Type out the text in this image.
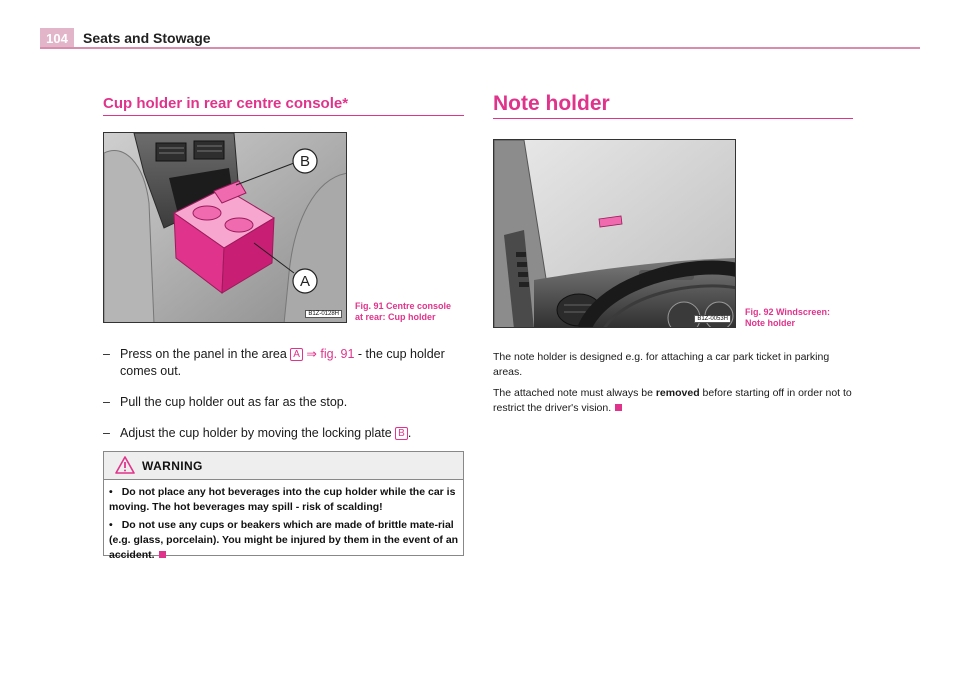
104	Seats and Stowage
Cup holder in rear centre console*	Note holder
B
A
B1Z-0128H
Fig. 91 Centre console
at rear: Cup holder
– Press on the panel in the area A ⇒ fig. 91 - the cup holder comes out.
– Pull the cup holder out as far as the stop.
– Adjust the cup holder by moving the locking plate B .
WARNING
• Do not place any hot beverages into the cup holder while the car is moving. The hot beverages may spill - risk of scalding!
• Do not use any cups or beakers which are made of brittle mate-rial (e.g. glass, porcelain). You might be injured by them in the event of an accident.
B1Z-0053H
Fig. 92 Windscreen:
Note holder

The note holder is designed e.g. for attaching a car park ticket in parking areas.

The attached note must always be removed before starting off in order not to restrict the driver's vision.
